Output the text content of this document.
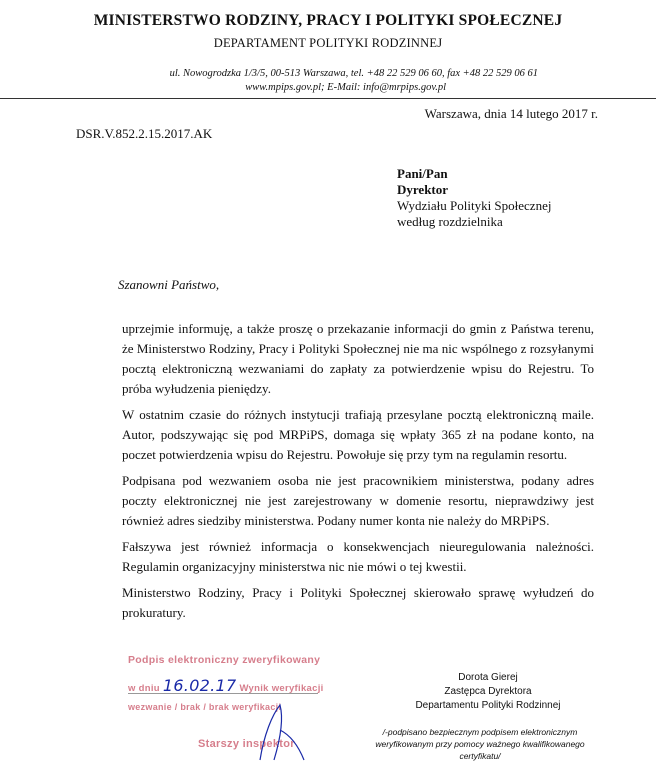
MINISTERSTWO RODZINY, PRACY I POLITYKI SPOŁECZNEJ
DEPARTAMENT POLITYKI RODZINNEJ
ul. Nowogrodzka 1/3/5, 00-513 Warszawa, tel. +48 22 529 06 60, fax +48 22 529 06 61
www.mpips.gov.pl; E-Mail: info@mrpips.gov.pl
Warszawa, dnia 14 lutego 2017 r.
DSR.V.852.2.15.2017.AK
Pani/Pan
Dyrektor
Wydziału Polityki Społecznej
według rozdzielnika
Szanowni Państwo,

uprzejmie informuję, a także proszę o przekazanie informacji do gmin z Państwa terenu, że Ministerstwo Rodziny, Pracy i Polityki Społecznej nie ma nic wspólnego z rozsyłanymi pocztą elektroniczną wezwaniami do zapłaty za potwierdzenie wpisu do Rejestru. To próba wyłudzenia pieniędzy.

W ostatnim czasie do różnych instytucji trafiają przesylane pocztą elektroniczną maile. Autor, podszywając się pod MRPiPS, domaga się wpłaty 365 zł na podane konto, na poczet potwierdzenia wpisu do Rejestru. Powołuje się przy tym na regulamin resortu.

Podpisana pod wezwaniem osoba nie jest pracownikiem ministerstwa, podany adres poczty elektronicznej nie jest zarejestrowany w domenie resortu, nieprawdziwy jest również adres siedziby ministerstwa. Podany numer konta nie należy do MRPiPS.

Fałszywa jest również informacja o konsekwencjach nieuregulowania należności. Regulamin organizacyjny ministerstwa nic nie mówi o tej kwestii.

Ministerstwo Rodziny, Pracy i Polityki Społecznej skierowało sprawę wyłudzeń do prokuratury.

Podpis elektroniczny zweryfikowany
w dniu 16.02.17 Wynik weryfikacji
wezwanie / brak / brak weryfikacji
Starszy inspektor
Dorota Gierej
Zastępca Dyrektora
Departamentu Polityki Rodzinnej
/-podpisano bezpiecznym podpisem elektronicznym weryfikowanym przy pomocy ważnego kwalifikowanego certyfikatu/
